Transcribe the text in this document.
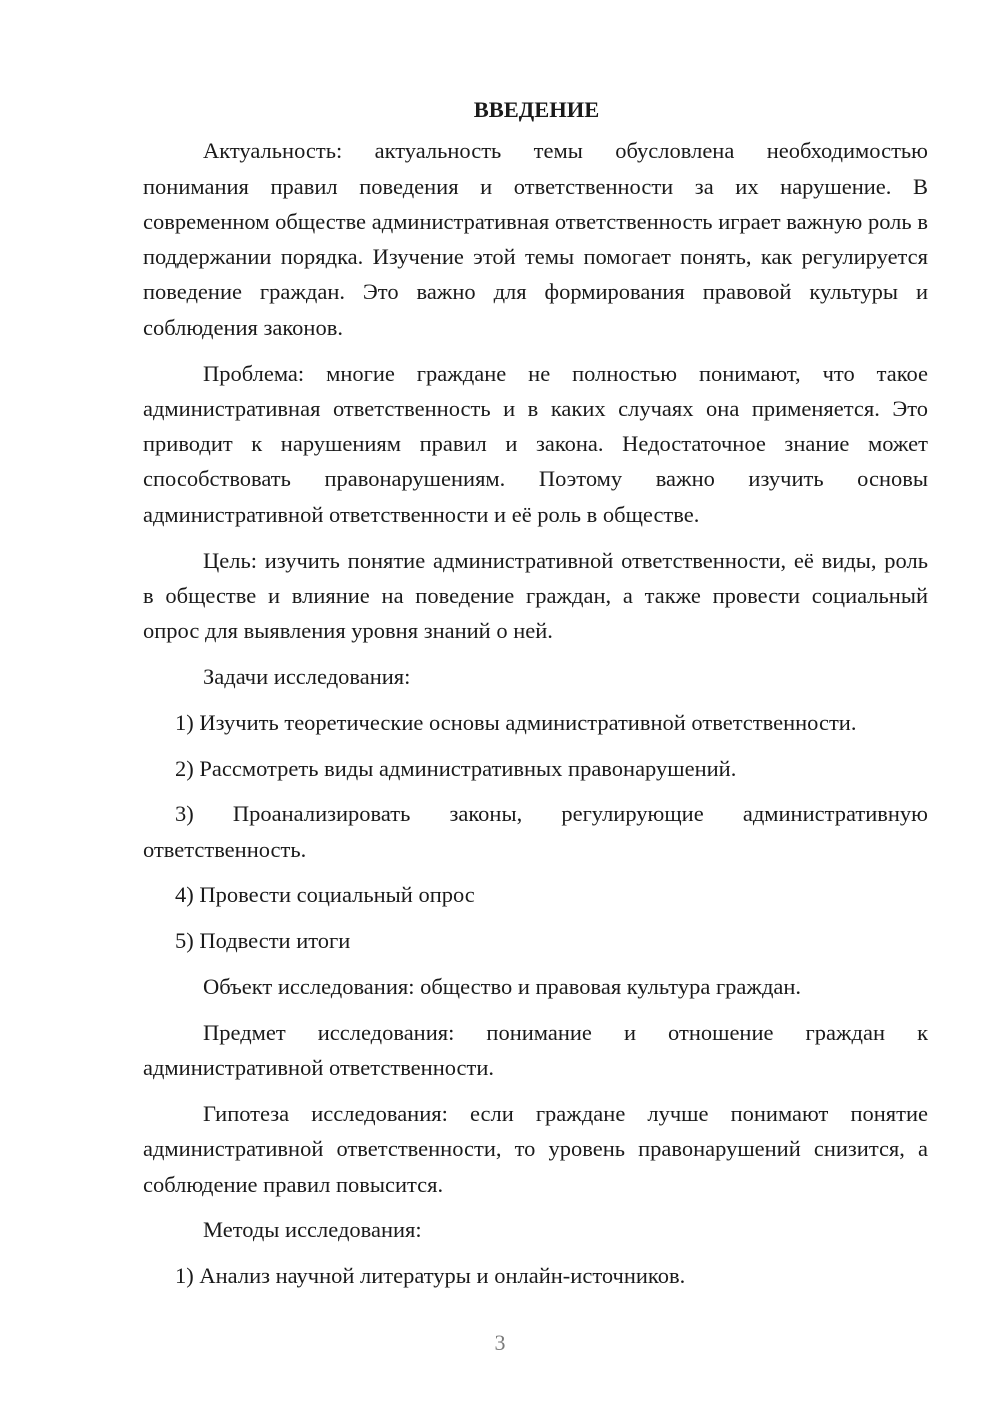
ВВЕДЕНИЕ

Актуальность: актуальность темы обусловлена необходимостью понимания правил поведения и ответственности за их нарушение. В современном обществе административная ответственность играет важную роль в поддержании порядка. Изучение этой темы помогает понять, как регулируется поведение граждан. Это важно для формирования правовой культуры и соблюдения законов.

Проблема: многие граждане не полностью понимают, что такое административная ответственность и в каких случаях она применяется. Это приводит к нарушениям правил и закона. Недостаточное знание может способствовать правонарушениям. Поэтому важно изучить основы административной ответственности и её роль в обществе.

Цель: изучить понятие административной ответственности, её виды, роль в обществе и влияние на поведение граждан, а также провести социальный опрос для выявления уровня знаний о ней.

Задачи исследования:

1) Изучить теоретические основы административной ответственности.

2) Рассмотреть виды административных правонарушений.

3) Проанализировать законы, регулирующие административную ответственность.

4) Провести социальный опрос

5) Подвести итоги

Объект исследования: общество и правовая культура граждан.

Предмет исследования: понимание и отношение граждан к административной ответственности.

Гипотеза исследования: если граждане лучше понимают понятие административной ответственности, то уровень правонарушений снизится, а соблюдение правил повысится.

Методы исследования:

1) Анализ научной литературы и онлайн-источников.

3
